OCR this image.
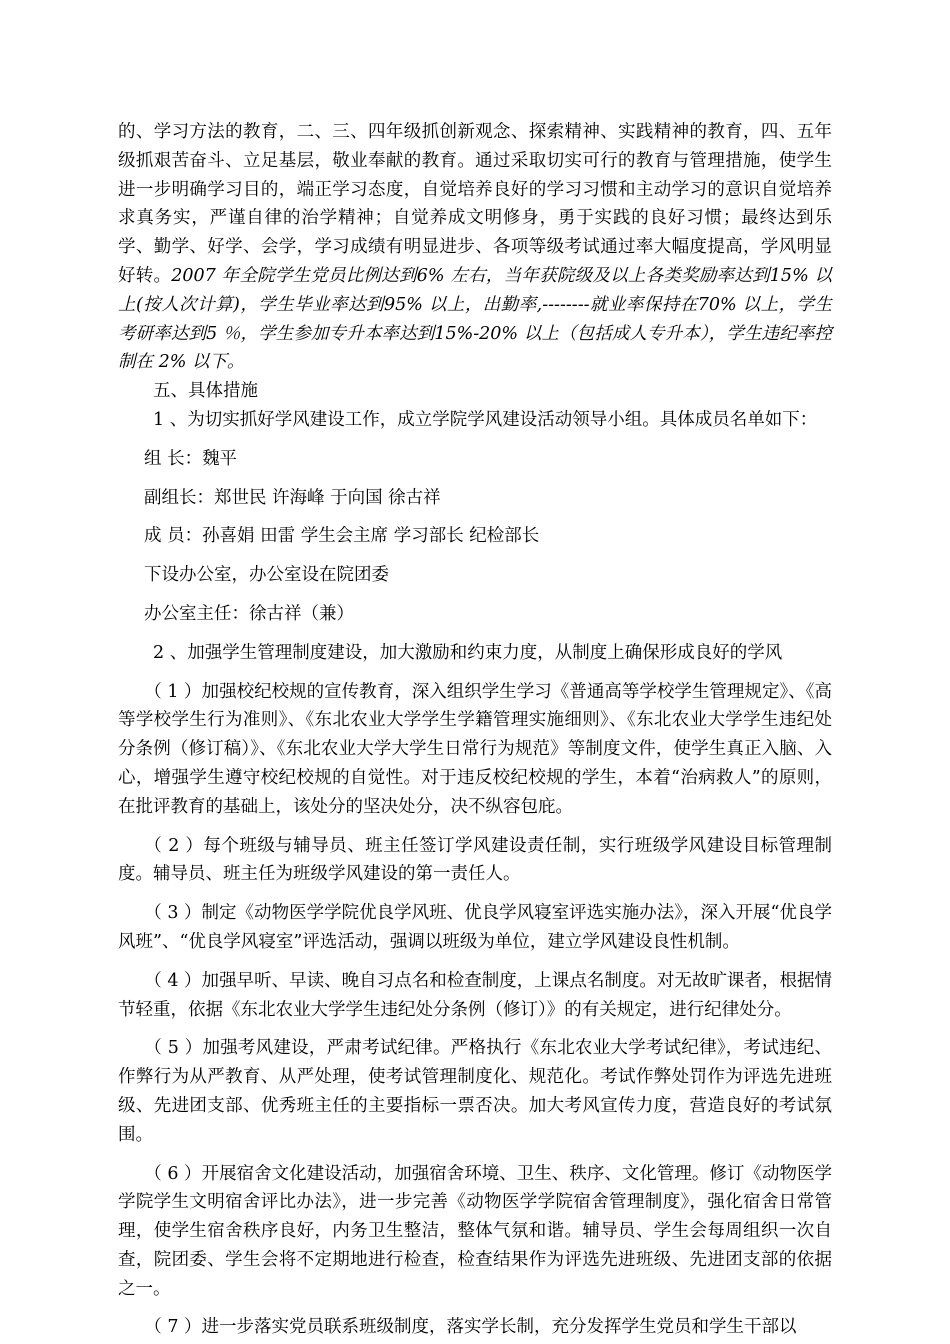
的、学习方法的教育，二、三、四年级抓创新观念、探索精神、实践精神的教育，四、五年级抓艰苦奋斗、立足基层，敬业奉献的教育。通过采取切实可行的教育与管理措施，使学生进一步明确学习目的，端正学习态度，自觉培养良好的学习习惯和主动学习的意识自觉培养求真务实，严谨自律的治学精神；自觉养成文明修身，勇于实践的良好习惯；最终达到乐学、勤学、好学、会学，学习成绩有明显进步、各项等级考试通过率大幅度提高，学风明显好转。2007 年全院学生党员比例达到6% 左右，当年获院级及以上各类奖励率达到15% 以上(按人次计算)，学生毕业率达到95% 以上，出勤率,--------就业率保持在70% 以上，学生考研率达到5 ％，学生参加专升本率达到15%-20% 以上（包括成人专升本），学生违纪率控制在 2% 以下。

五、具体措施

1 、为切实抓好学风建设工作，成立学院学风建设活动领导小组。具体成员名单如下：

组 长：魏平

副组长：郑世民 许海峰 于向国 徐古祥

成 员：孙喜娟 田雷 学生会主席 学习部长 纪检部长

下设办公室，办公室设在院团委

办公室主任：徐古祥（兼）

2 、加强学生管理制度建设，加大激励和约束力度，从制度上确保形成良好的学风

（ 1 ）加强校纪校规的宣传教育，深入组织学生学习《普通高等学校学生管理规定》、《高等学校学生行为准则》、《东北农业大学学生学籍管理实施细则》、《东北农业大学学生违纪处分条例（修订稿）》、《东北农业大学大学生日常行为规范》等制度文件，使学生真正入脑、入心，增强学生遵守校纪校规的自觉性。对于违反校纪校规的学生，本着“治病救人”的原则，在批评教育的基础上，该处分的坚决处分，决不纵容包庇。

（ 2 ）每个班级与辅导员、班主任签订学风建设责任制，实行班级学风建设目标管理制度。辅导员、班主任为班级学风建设的第一责任人。

（ 3 ）制定《动物医学学院优良学风班、优良学风寝室评选实施办法》，深入开展“优良学风班”、“优良学风寝室”评选活动，强调以班级为单位，建立学风建设良性机制。

（ 4 ）加强早听、早读、晚自习点名和检查制度，上课点名制度。对无故旷课者，根据情节轻重，依据《东北农业大学学生违纪处分条例（修订）》的有关规定，进行纪律处分。

（ 5 ）加强考风建设，严肃考试纪律。严格执行《东北农业大学考试纪律》，考试违纪、作弊行为从严教育、从严处理，使考试管理制度化、规范化。考试作弊处罚作为评选先进班级、先进团支部、优秀班主任的主要指标一票否决。加大考风宣传力度，营造良好的考试氛围。

（ 6 ）开展宿舍文化建设活动，加强宿舍环境、卫生、秩序、文化管理。修订《动物医学学院学生文明宿舍评比办法》，进一步完善《动物医学学院宿舍管理制度》，强化宿舍日常管理，使学生宿舍秩序良好，内务卫生整洁，整体气氛和谐。辅导员、学生会每周组织一次自查，院团委、学生会将不定期地进行检查，检查结果作为评选先进班级、先进团支部的依据之一。

（ 7 ）进一步落实党员联系班级制度，落实学长制，充分发挥学生党员和学生干部以
